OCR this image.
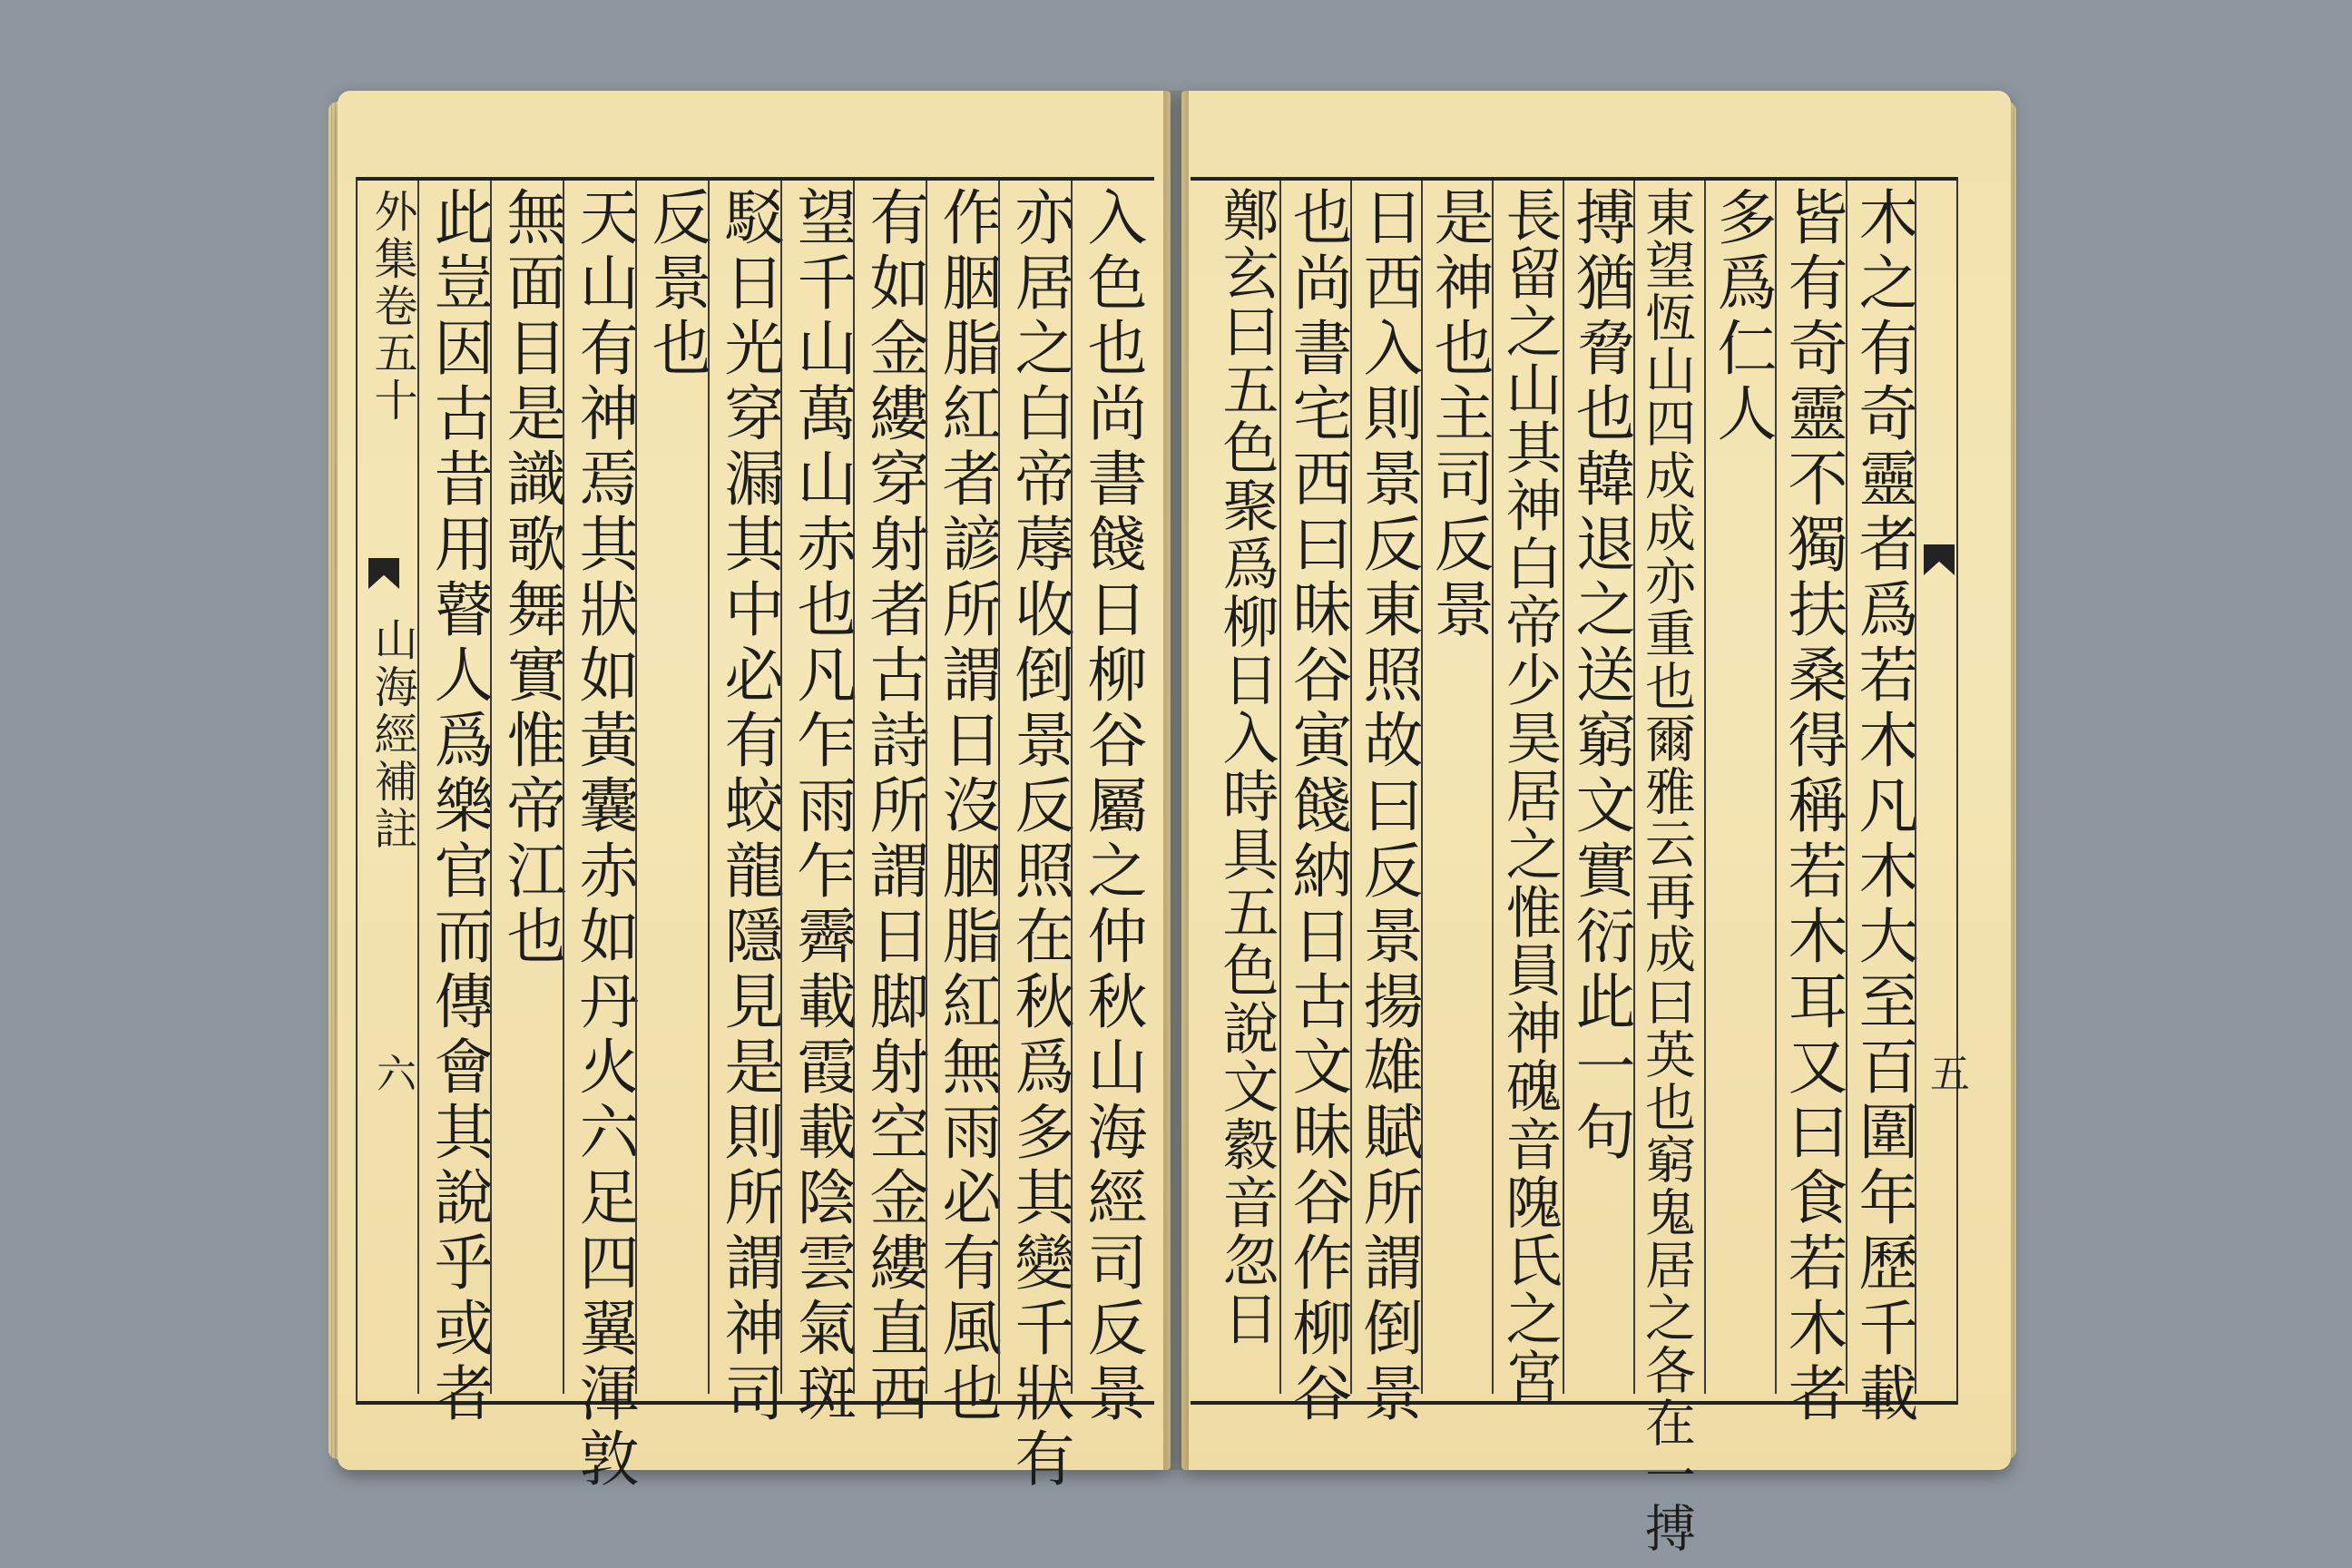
外集卷五十
山海經補註
六	五
入色也尚書餞日柳谷屬之仲秋山海經司反景
亦居之白帝蓐收倒景反照在秋爲多其變千狀有
作胭脂紅者諺所謂日沒胭脂紅無雨必有風也
有如金縷穿射者古詩所謂日脚射空金縷直西
望千山萬山赤也凡乍雨乍霽載霞載陰雲氣斑
駁日光穿漏其中必有蛟龍隱見是則所謂神司
反景也
天山有神焉其狀如黃囊赤如丹火六足四翼渾敦
無面目是識歌舞實惟帝江也
此豈因古昔用瞽人爲樂官而傳會其說乎或者	木之有奇靈者爲若木凡木大至百圍年歷千載
皆有奇靈不獨扶桑得稱若木耳又曰食若木者
多爲仁人
東望恆山四成成亦重也爾雅云再成曰英也窮鬼居之各在一搏
搏猶脅也韓退之送窮文實衍此一句
長留之山其神白帝少昊居之惟員神磈音隗氏之宮
是神也主司反景
日西入則景反東照故曰反景揚雄賦所謂倒景
也尚書宅西曰昧谷寅餞納日古文昧谷作柳谷
鄭玄曰五色聚爲柳日入時具五色說文縠音忽日
